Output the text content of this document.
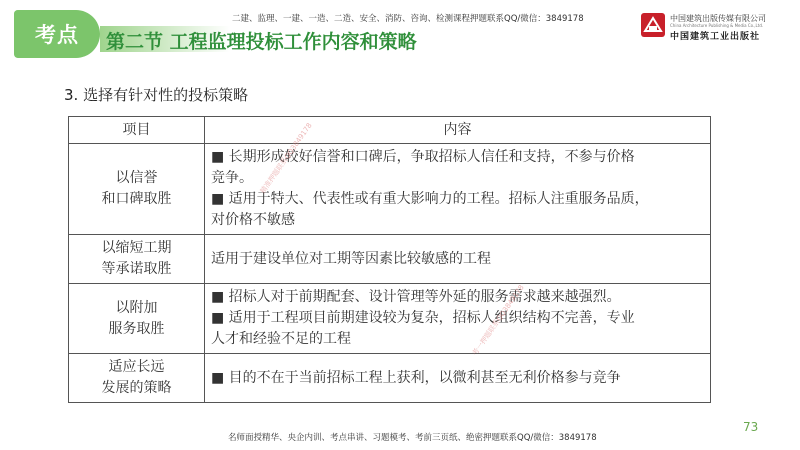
考点 第二节 工程监理投标工作内容和策略
二建、监理、一建、一造、二造、安全、消防、咨询、检测课程押题联系QQ/微信：3849178	中国建筑出版传媒有限公司
China Architecture Publishing & Media Co.,Ltd.
中国建筑工业出版社
3. 选择有针对性的投标策略
项目	内容

以信誉
和口碑取胜	■ 长期形成较好信誉和口碑后，争取招标人信任和支持，不参与价格
竞争。
■ 适用于特大、代表性或有重大影响力的工程。招标人注重服务品质，
对价格不敏感

以缩短工期
等承诺取胜	适用于建设单位对工期等因素比较敏感的工程

以附加
服务取胜	■ 招标人对于前期配套、设计管理等外延的服务需求越来越强烈。
■ 适用于工程项目前期建设较为复杂，招标人组织结构不完善，专业
人才和经验不足的工程

适应长远
发展的策略	■ 目的不在于当前招标工程上获利，以微利甚至无利价格参与竞争
精准押题联系QQ3849178
考一押题联系QQ3849178
73
名师面授精华、央企内训、考点串讲、习题模考、考前三页纸、绝密押题联系QQ/微信：3849178
